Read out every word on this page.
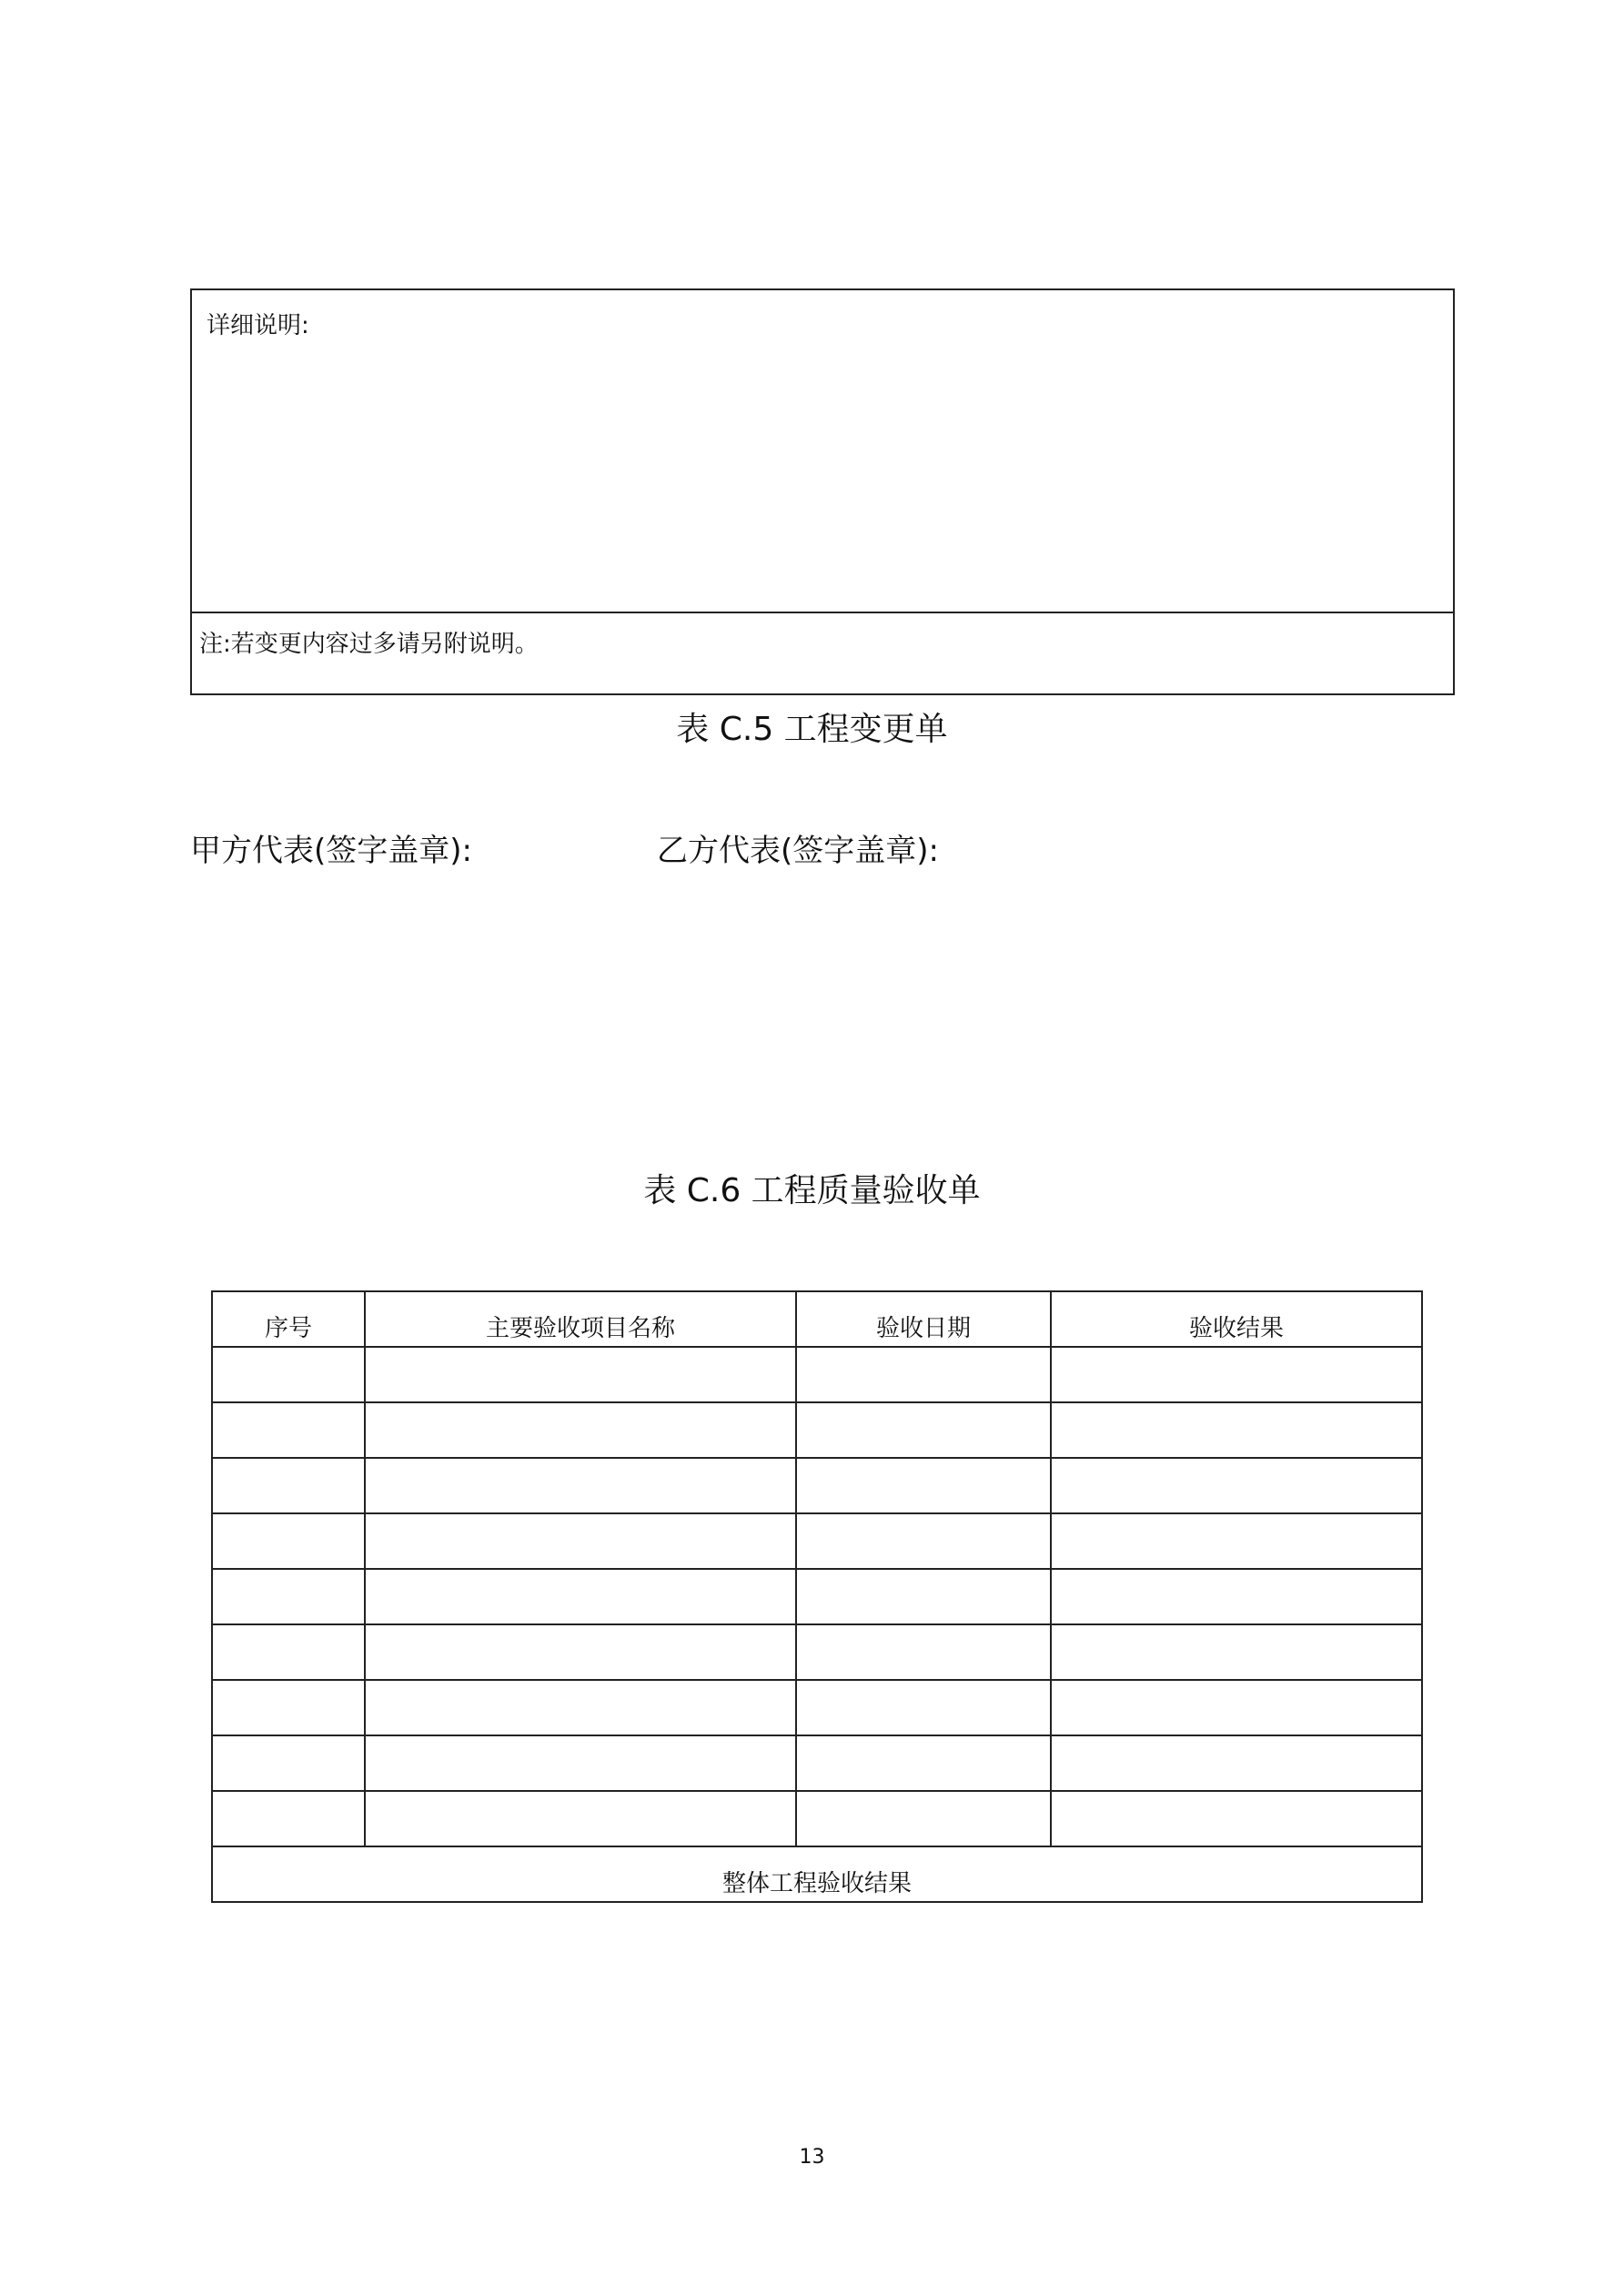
详细说明:
注:若变更内容过多请另附说明。
表 C.5 工程变更单
甲方代表(签字盖章):	乙方代表(签字盖章):
表 C.6 工程质量验收单
序号	主要验收项目名称	验收日期	验收结果

整体工程验收结果			
13
